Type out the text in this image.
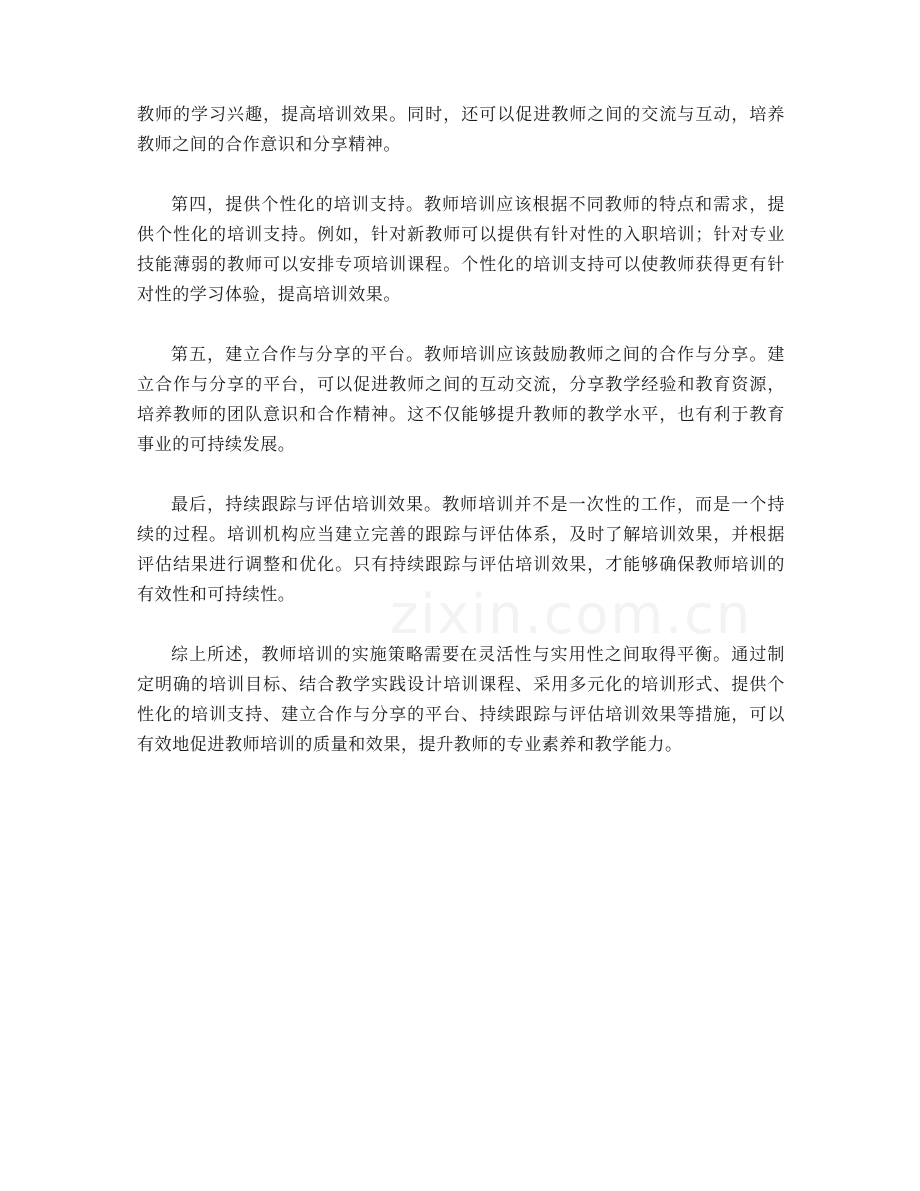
教师的学习兴趣，提高培训效果。同时，还可以促进教师之间的交流与互动，培养教师之间的合作意识和分享精神。

第四，提供个性化的培训支持。教师培训应该根据不同教师的特点和需求，提供个性化的培训支持。例如，针对新教师可以提供有针对性的入职培训；针对专业技能薄弱的教师可以安排专项培训课程。个性化的培训支持可以使教师获得更有针对性的学习体验，提高培训效果。

第五，建立合作与分享的平台。教师培训应该鼓励教师之间的合作与分享。建立合作与分享的平台，可以促进教师之间的互动交流，分享教学经验和教育资源，培养教师的团队意识和合作精神。这不仅能够提升教师的教学水平，也有利于教育事业的可持续发展。

最后，持续跟踪与评估培训效果。教师培训并不是一次性的工作，而是一个持续的过程。培训机构应当建立完善的跟踪与评估体系，及时了解培训效果，并根据评估结果进行调整和优化。只有持续跟踪与评估培训效果，才能够确保教师培训的有效性和可持续性。

综上所述，教师培训的实施策略需要在灵活性与实用性之间取得平衡。通过制定明确的培训目标、结合教学实践设计培训课程、采用多元化的培训形式、提供个性化的培训支持、建立合作与分享的平台、持续跟踪与评估培训效果等措施，可以有效地促进教师培训的质量和效果，提升教师的专业素养和教学能力。

zixin.com.cn
